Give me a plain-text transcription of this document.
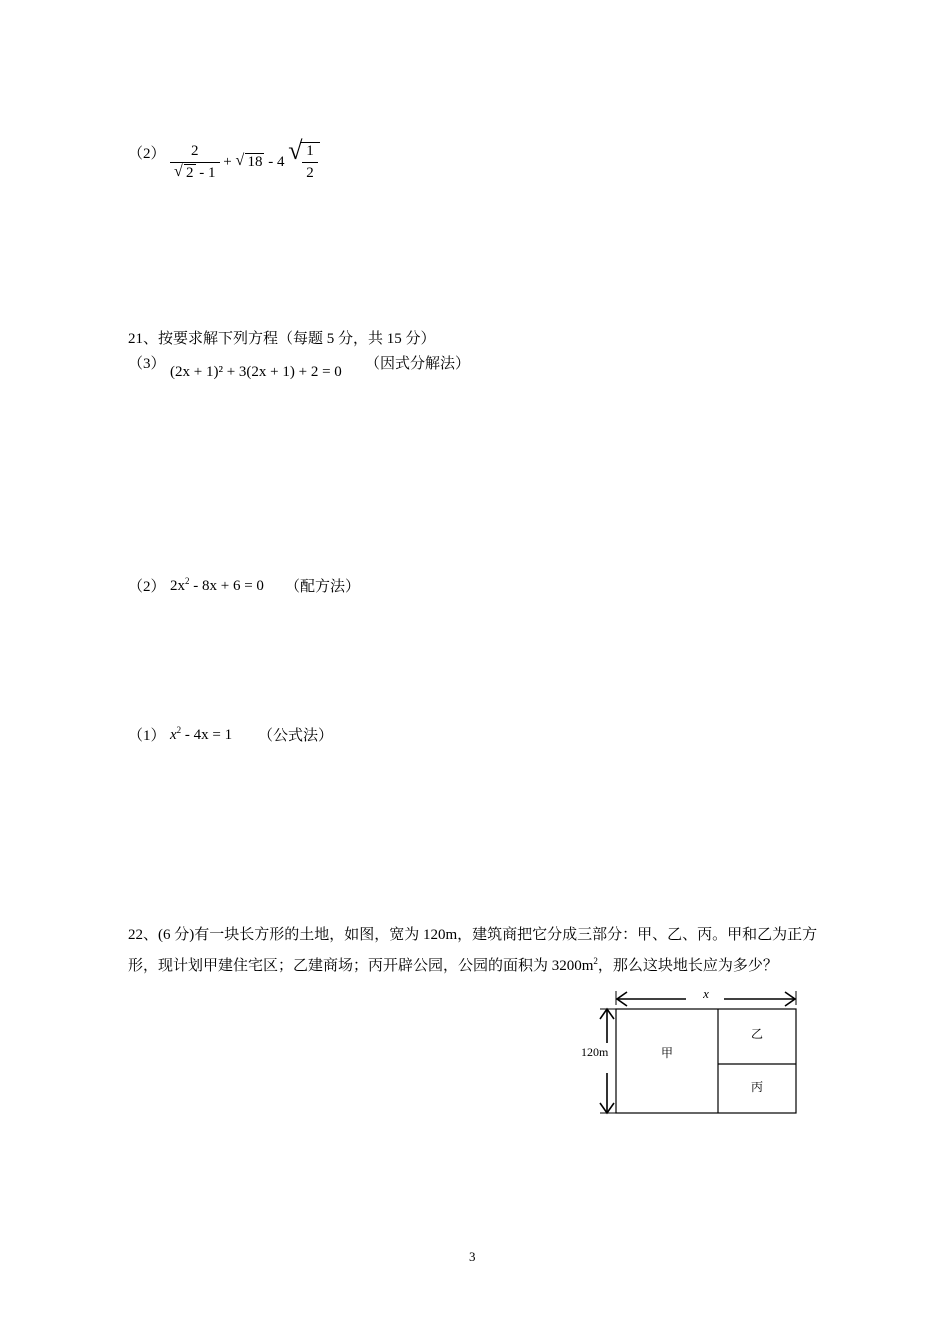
$(2) \frac{2}{√ 2 - 1}$ + √ 18 - 4 √ $\frac{1}{2}$
21、按要求解下列方程（每题 5 分，共 15 分）
（3） (2x + 1)² + 3(2x + 1) + 2 = 0 （因式分解法）
（2） $2x^2 - 8x + 6 = 0$ （配方法）
（1） $x^2 - 4x = 1$ （公式法）
22、(6 分)有一块长方形的土地，如图，宽为 120m，建筑商把它分成三部分：甲、乙、丙。甲和乙为正方形，现计划甲建住宅区；乙建商场；丙开辟公园，公园的面积为 $3200m^2$，那么这块地长应为多少？
x
120m	甲
乙
丙
3
